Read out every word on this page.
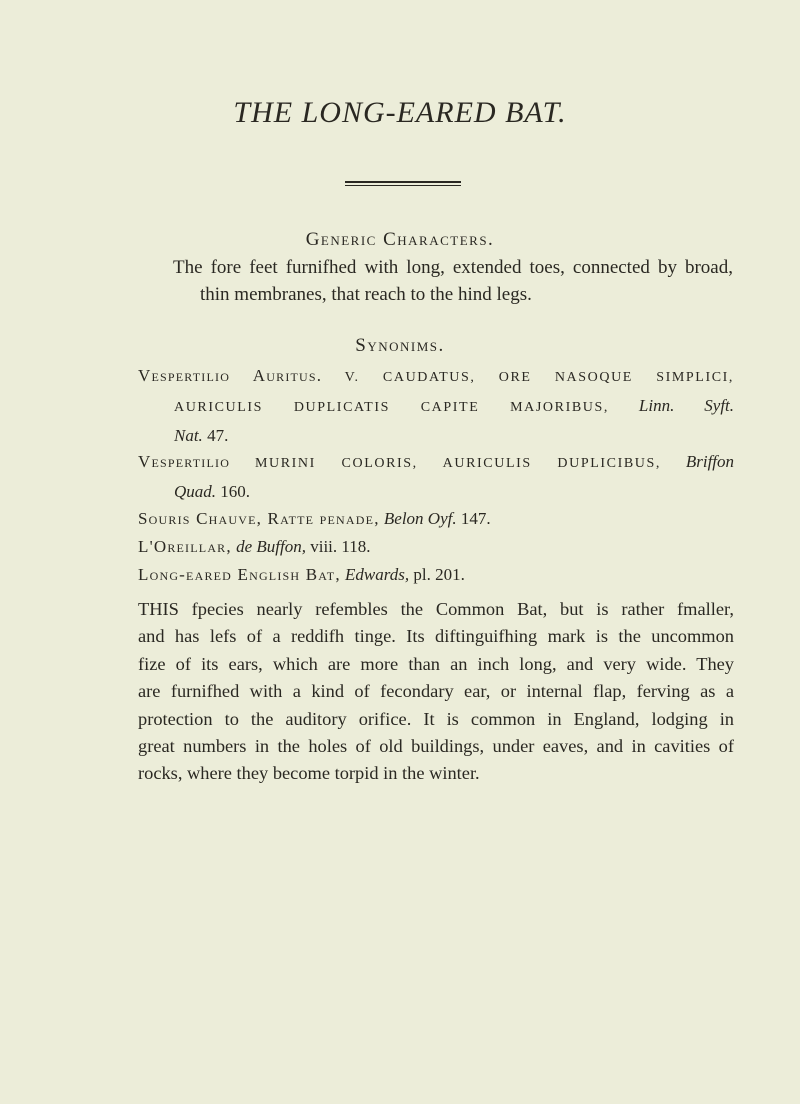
THE LONG-EARED BAT.
Generic Characters.
The fore feet furnifhed with long, extended toes, connected by broad,
thin membranes, that reach to the hind legs.
Synonims.
Vespertilio Auritus. V. CAUDATUS, ORE NASOQUE SIMPLICI,
AURICULIS DUPLICATIS CAPITE MAJORIBUS, Linn. Syft.
Nat. 47.
Vespertilio MURINI COLORIS, AURICULIS DUPLICIBUS, Briffon
Quad. 160.
Souris Chauve, Ratte penade, Belon Oyf. 147.
L'Oreillar, de Buffon, viii. 118.
Long-eared English Bat, Edwards, pl. 201.
THIS fpecies nearly refembles the Common Bat, but is rather fmaller,
and has lefs of a reddifh tinge. Its diftinguifhing mark is the uncommon
fize of its ears, which are more than an inch long, and very wide. They
are furnifhed with a kind of fecondary ear, or internal flap, ferving as a
protection to the auditory orifice. It is common in England, lodging in
great numbers in the holes of old buildings, under eaves, and in cavities of
rocks, where they become torpid in the winter.
